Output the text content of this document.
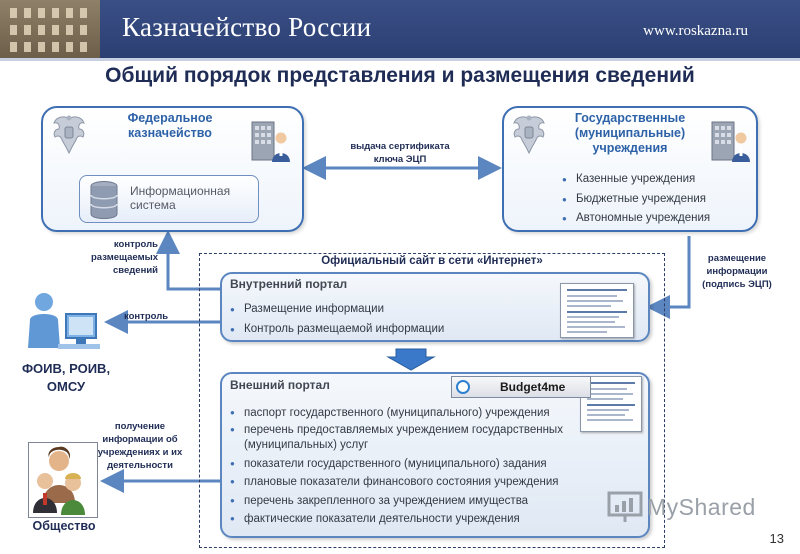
Казначейство России	www.roskazna.ru
Общий порядок представления и размещения сведений
Федеральное
казначейство
Информационная
система
Государственные
(муниципальные)
учреждения
● Казенные учреждения
● Бюджетные учреждения
● Автономные учреждения
выдача сертификата
ключа ЭЦП
контроль
размещаемых
сведений
размещение
информации
(подпись ЭЦП)
Официальный сайт в сети «Интернет»
Внутренний портал
● Размещение информации
● Контроль размещаемой информации
Внешний портал	Budget4me
● паспорт государственного (муниципального) учреждения
● перечень предоставляемых учреждением государственных (муниципальных) услуг
● показатели государственного (муниципального) задания
● плановые показатели финансового состояния учреждения
● перечень закрепленного за учреждением имущества
● фактические показатели деятельности учреждения
контроль
ФОИВ, РОИВ,
ОМСУ
получение
информации об
учреждениях и их
деятельности
Общество
MyShared
13
